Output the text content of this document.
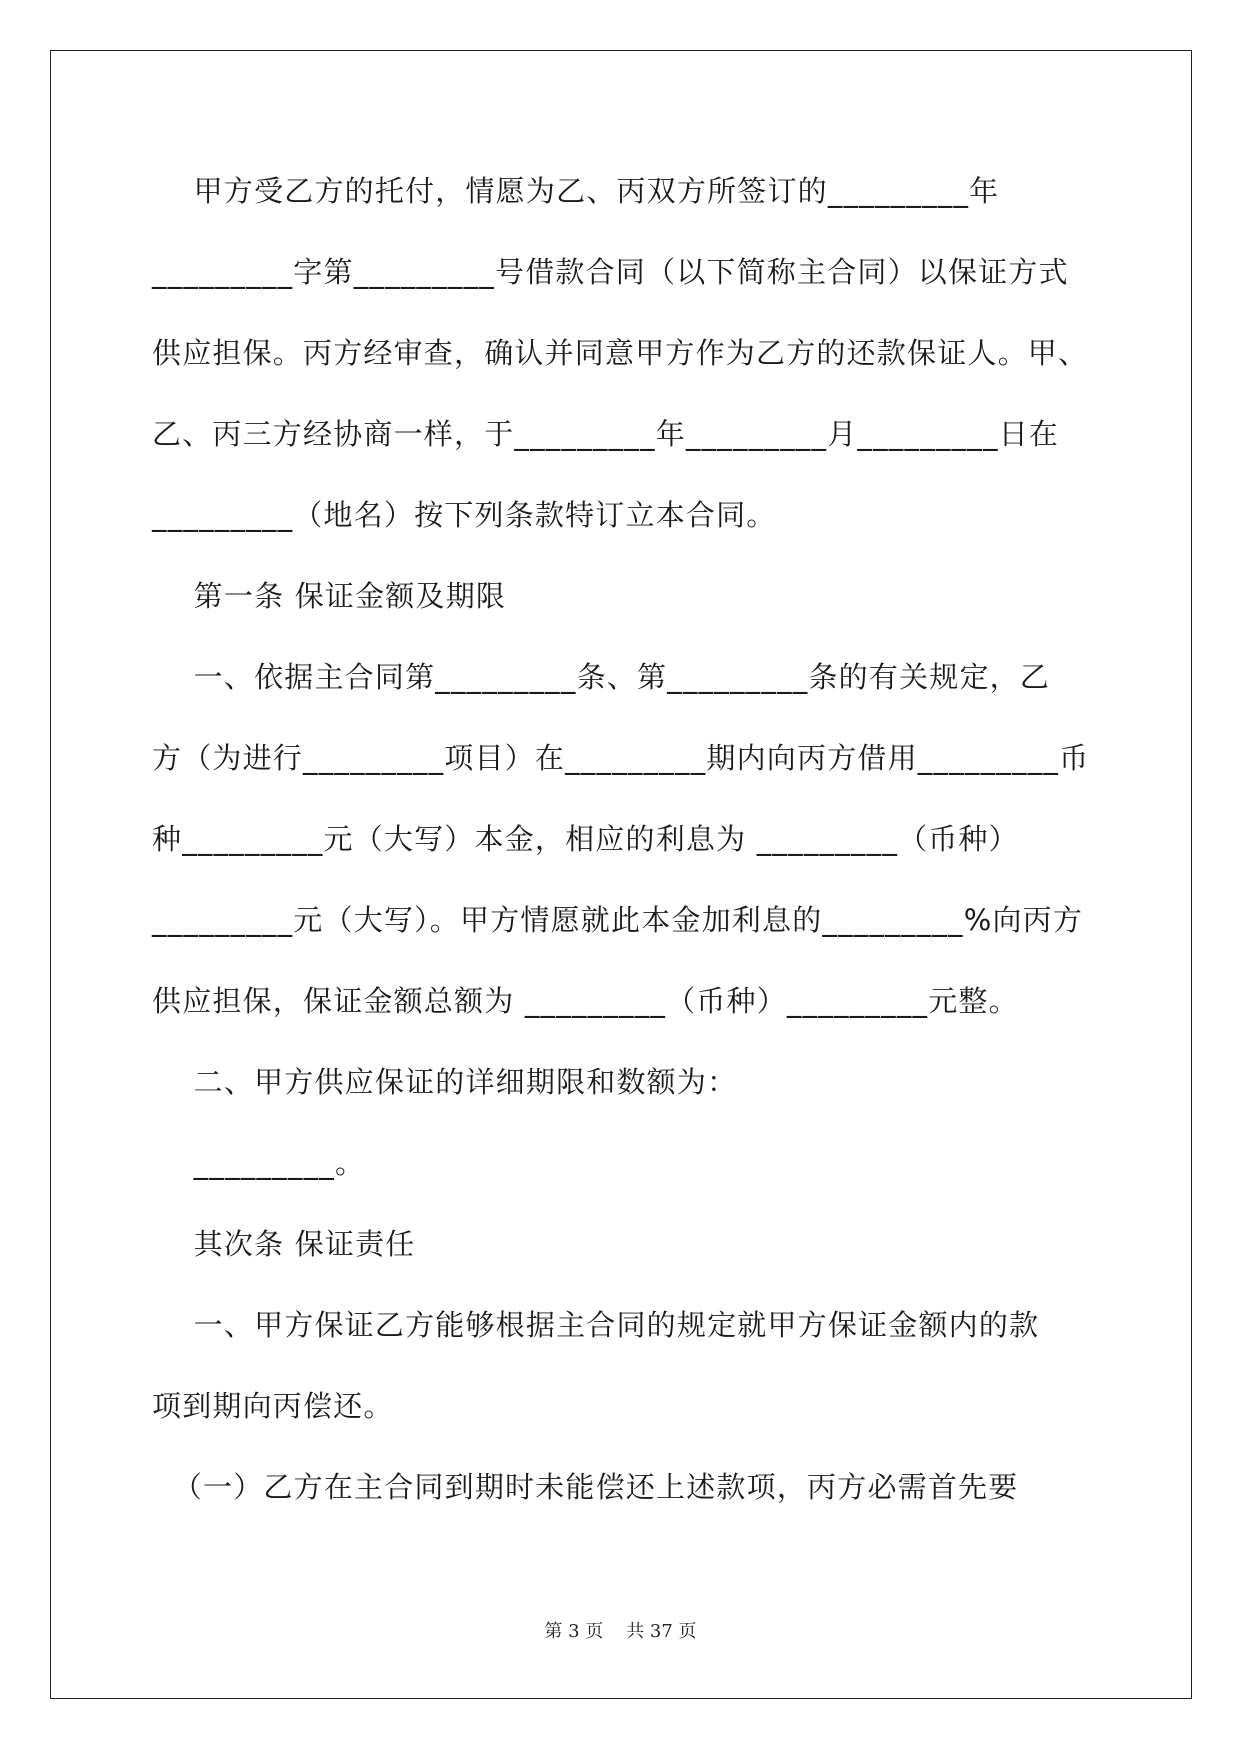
甲方受乙方的托付，情愿为乙、丙双方所签订的_________年
_________字第_________号借款合同（以下简称主合同）以保证方式
供应担保。丙方经审查，确认并同意甲方作为乙方的还款保证人。甲、
乙、丙三方经协商一样，于_________年_________月_________日在
_________（地名）按下列条款特订立本合同。
第一条 保证金额及期限
一、依据主合同第_________条、第_________条的有关规定，乙
方（为进行_________项目）在_________期内向丙方借用_________币
种_________元（大写）本金，相应的利息为 _________（币种）
_________元（大写）。甲方情愿就此本金加利息的_________%向丙方
供应担保，保证金额总额为 _________（币种）_________元整。
二、甲方供应保证的详细期限和数额为：
_________。
其次条 保证责任
一、甲方保证乙方能够根据主合同的规定就甲方保证金额内的款
项到期向丙偿还。
（一）乙方在主合同到期时未能偿还上述款项，丙方必需首先要
第 3 页    共 37 页
